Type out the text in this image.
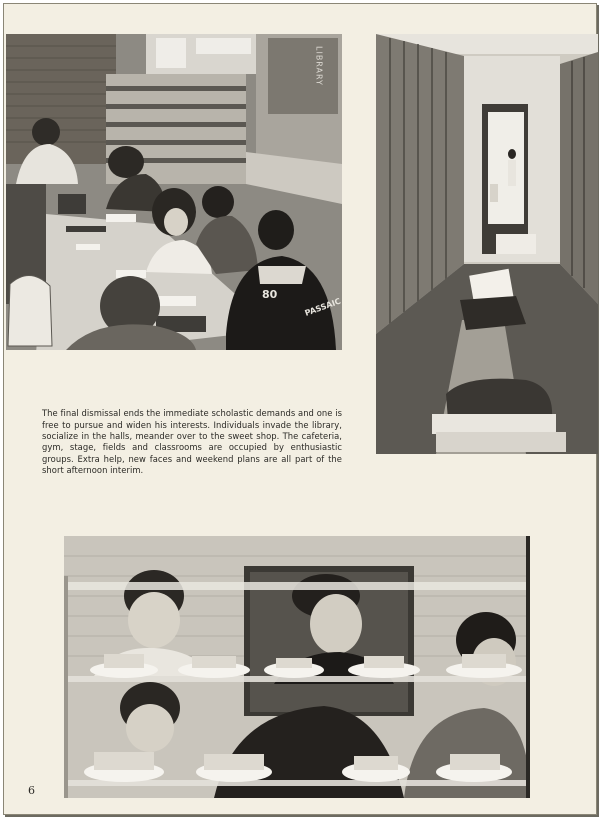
LIBRARY
80
PASSAIC

The final dismissal ends the immediate scholastic demands and one is free to pursue and widen his interests. Individuals invade the library, socialize in the halls, meander over to the sweet shop. The cafeteria, gym, stage, fields and classrooms are occupied by enthusiastic groups. Extra help, new faces and weekend plans are all part of the short afternoon interim.

6
